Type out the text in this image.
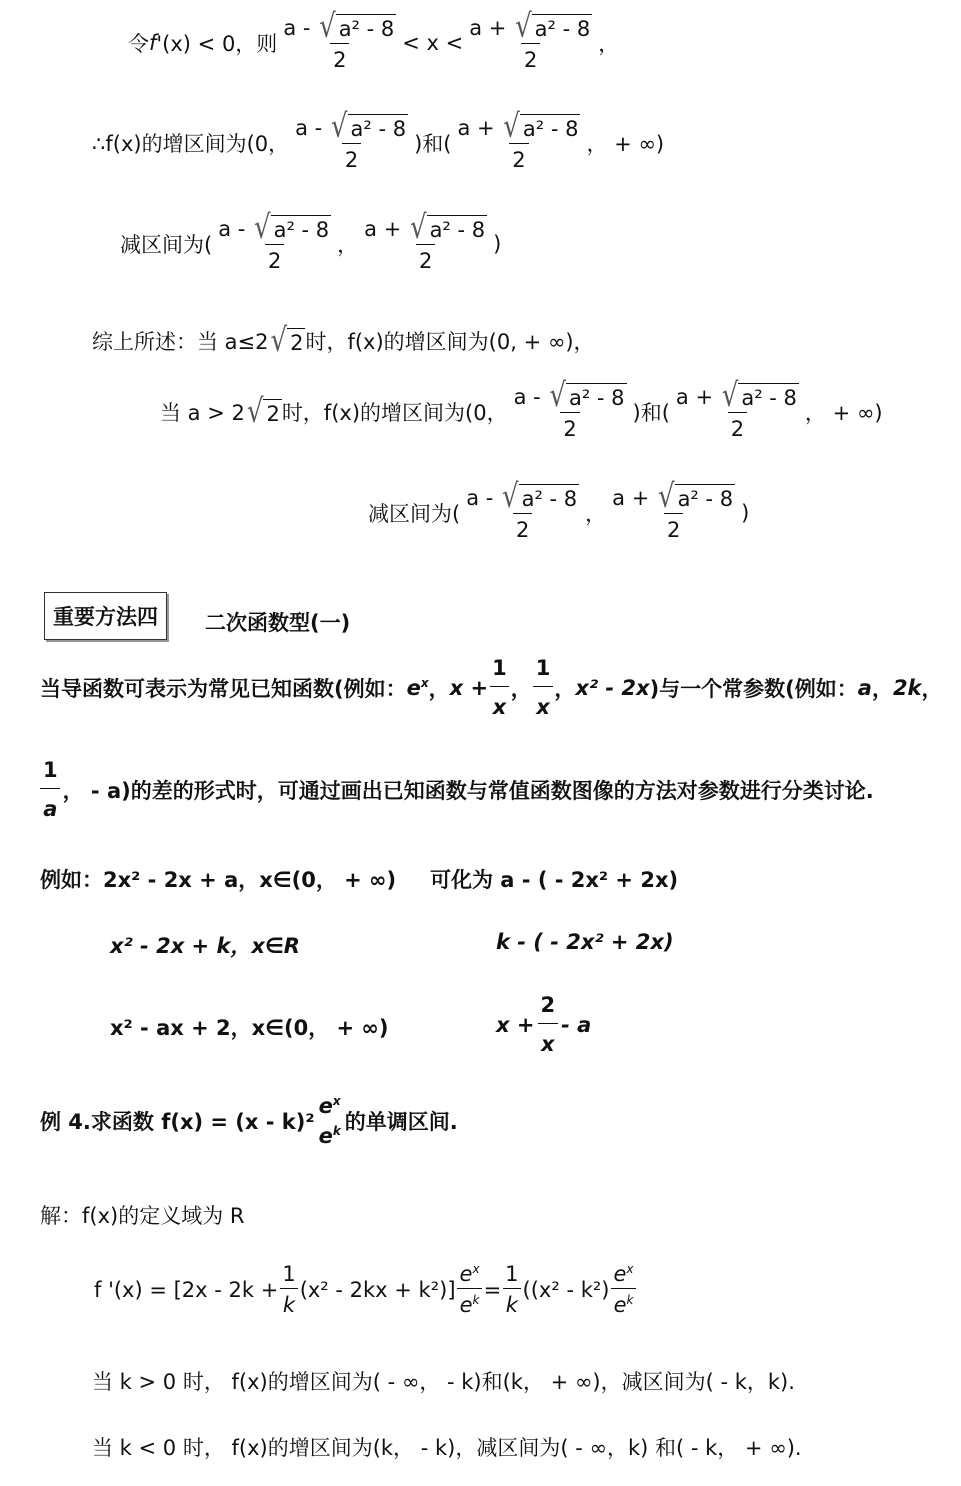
令 f '(x) < 0，则 $\frac{\text{a - √ a² - 8}}{2} < x < \frac{\text{a + √ a² - 8}}{2}$ ，
∴f(x)的增区间为(0， $\frac{\text{a - √ a² - 8}}{2}$ )和( $\frac{\text{a + √ a² - 8}}{2}$ ， + ∞)
减区间为( $\frac{\text{a - √ a² - 8}}{2}$ ， $\frac{\text{a + √ a² - 8}}{2}$ )
综上所述：当 a≤2 √ 2 时，f(x)的增区间为(0, + ∞)，
当 a > 2 √ 2 时，f(x)的增区间为(0， $\frac{\text{a - √ a² - 8}}{2}$ )和( $\frac{\text{a + √ a² - 8}}{2}$ ， + ∞)
减区间为( $\frac{\text{a - √ a² - 8}}{2}$ ， $\frac{\text{a + √ a² - 8}}{2}$ )
重要方法四	二次函数型(一)
当导函数可表示为常见已知函数(例如： $e^x$ ， $x + \frac{1}{x}$ ， $\frac{1}{x}$ ， x² - 2x )与一个常参数(例如： a ， 2k ，
$\frac{1}{a}$ ， - a)的差的形式时，可通过画出已知函数与常值函数图像的方法对参数进行分类讨论.
例如：2x² - 2x + a，x∈(0， + ∞) 可化为 a - ( - 2x² + 2x)
x² - 2x + k，x∈R	k - ( - 2x² + 2x)
x² - ax + 2，x∈(0， + ∞)	$x + \frac{2}{x} - a$
例 4.求函数 f(x) = (x - k)²
$e^x$
$e^k$ 的单调区间.
解：f(x)的定义域为 R
f '$(x) = [2x - 2k + \frac{1}{k} (x^2 - 2kx + k^2)] \frac{e^x}{e^k} = \frac{1}{k} ((x^2 - k^2) \frac{e^x}{e^k}$
当 k > 0 时， f(x)的增区间为( - ∞， - k)和(k， + ∞)，减区间为( - k，k).
当 k < 0 时， f(x)的增区间为(k， - k)，减区间为( - ∞，k) 和( - k， + ∞).
